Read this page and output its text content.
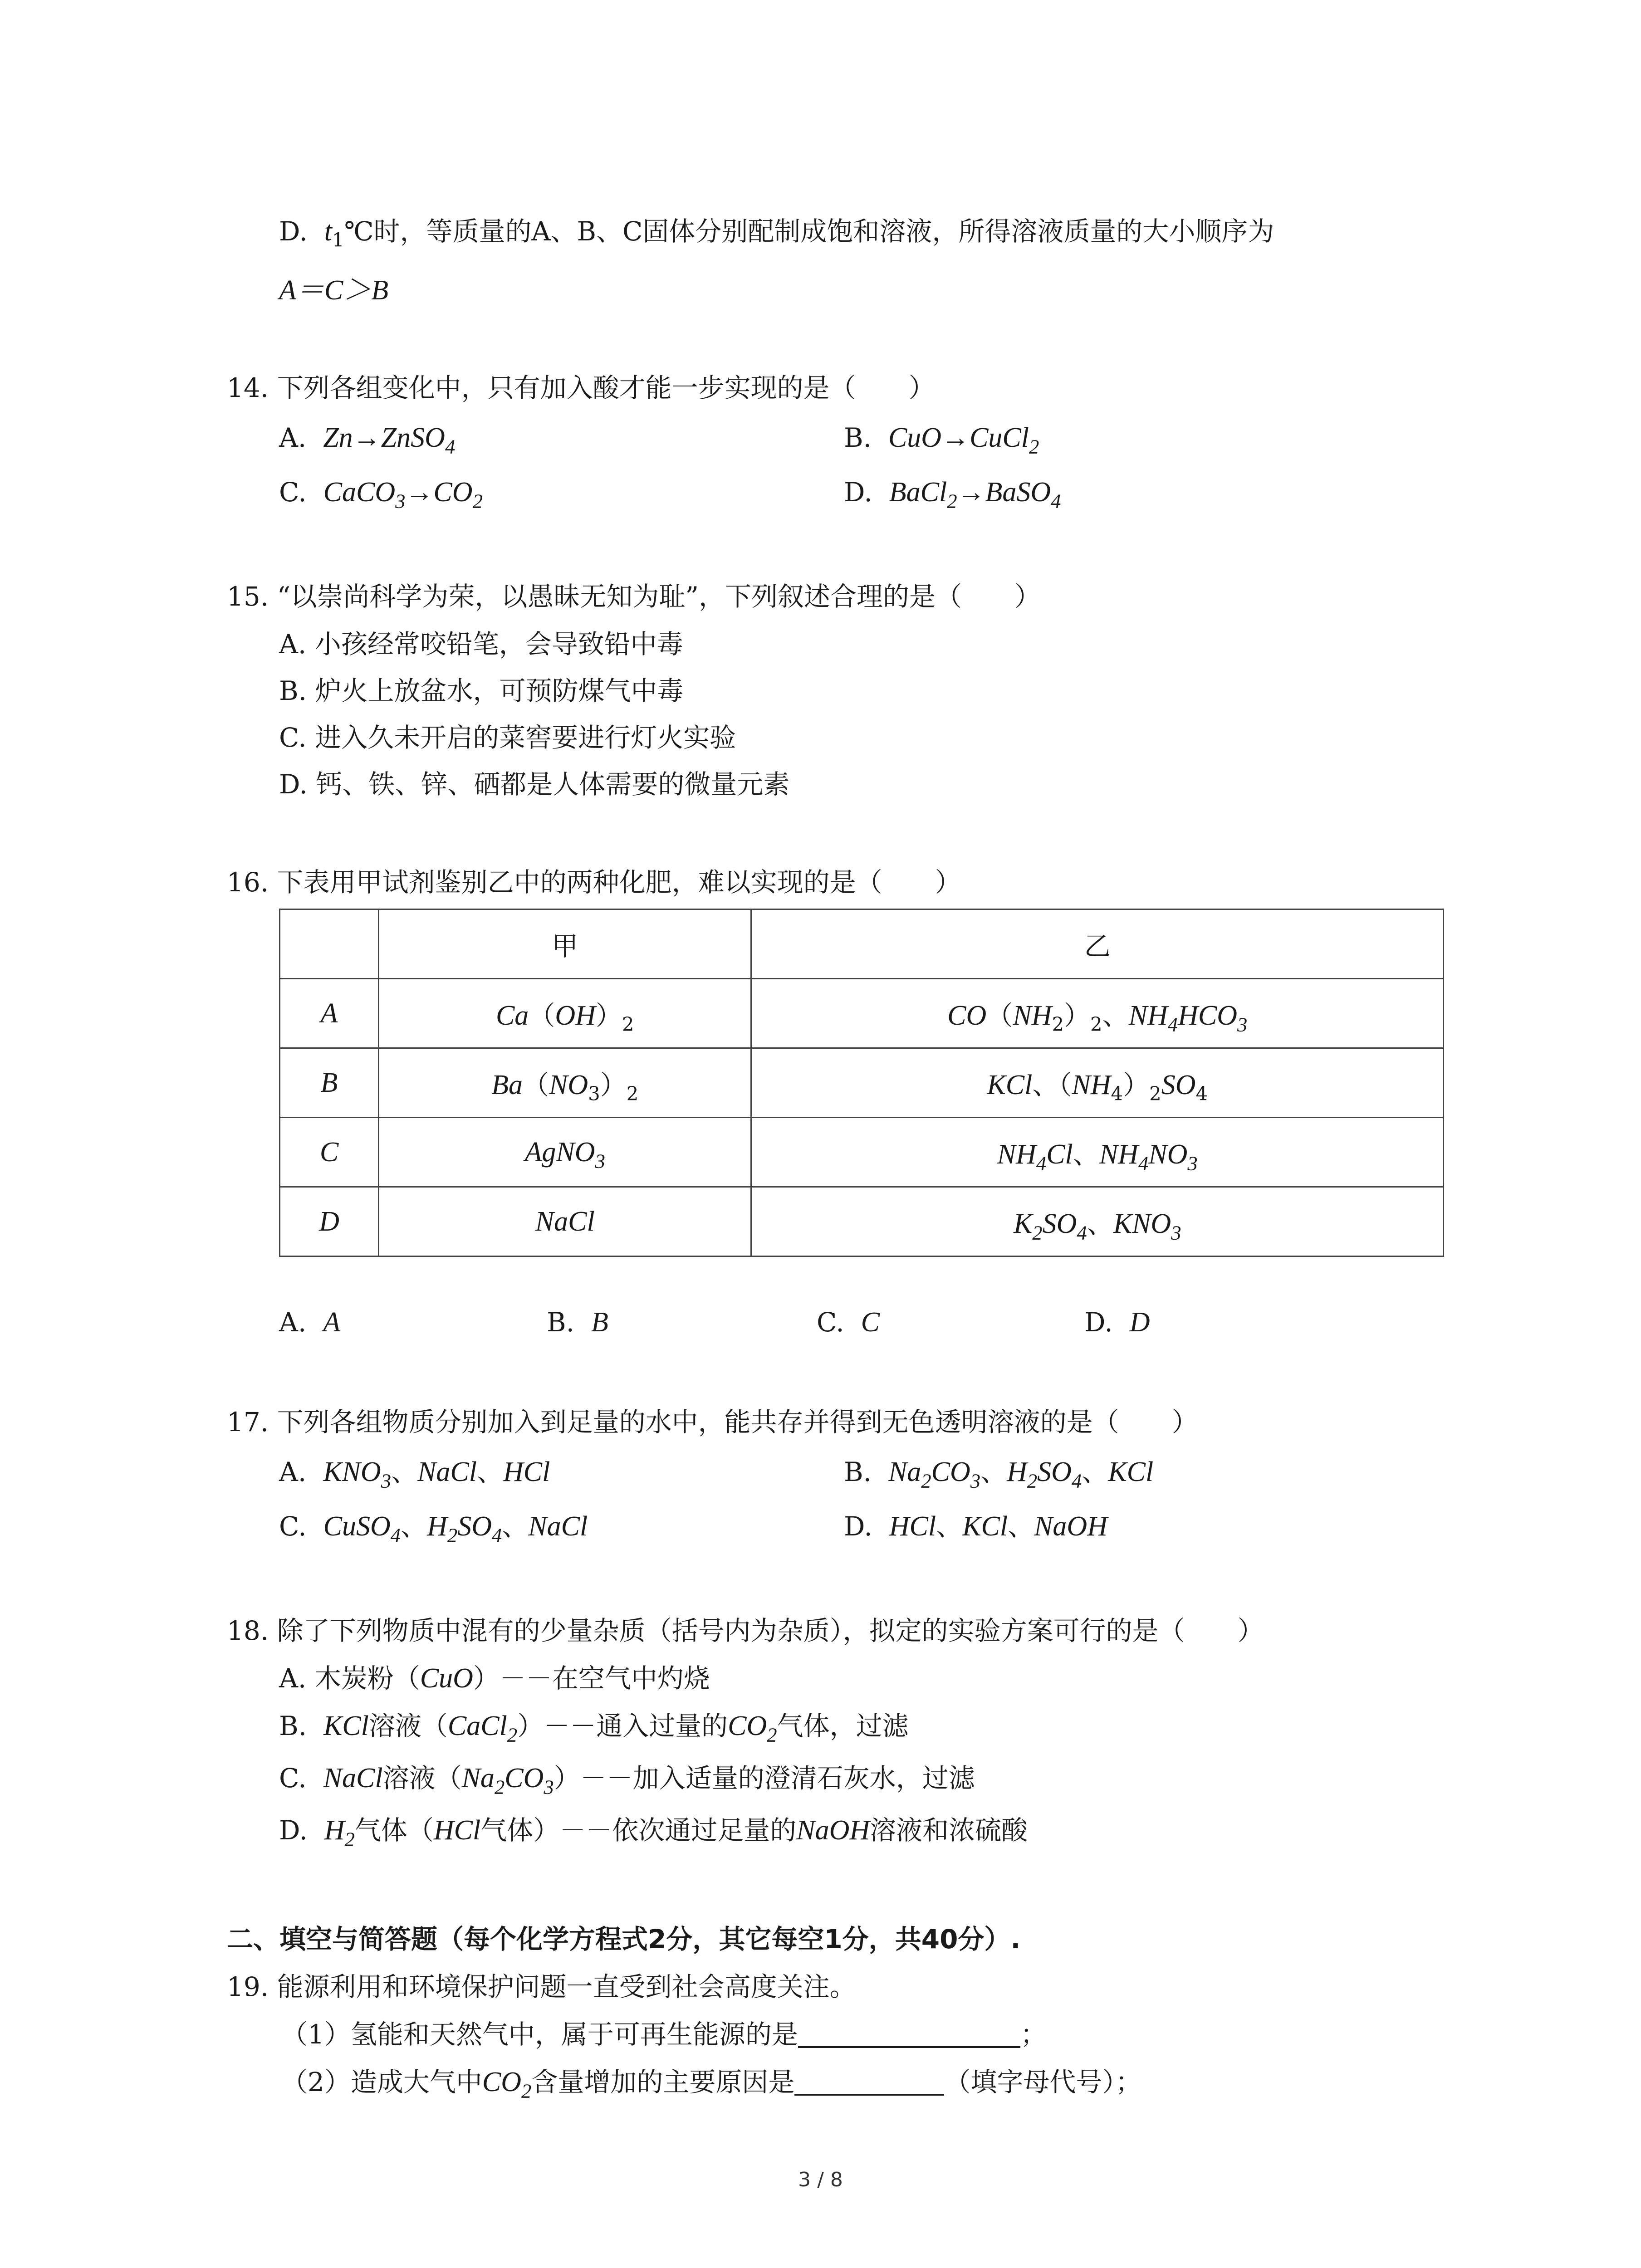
D. $t_1℃$时，等质量的A、B、C固体分别配制成饱和溶液，所得溶液质量的大小顺序为
A＝C＞B
14. 下列各组变化中，只有加入酸才能一步实现的是（　　）
A. Zn→ZnSO$_4$	B. CuO→CuCl$_2$
C. $CaCO_3\to CO_2$	D. BaCl$_2$→BaSO$_4$
15. “以崇尚科学为荣，以愚昧无知为耻”，下列叙述合理的是（　　）
A. 小孩经常咬铅笔，会导致铅中毒
B. 炉火上放盆水，可预防煤气中毒
C. 进入久未开启的菜窖要进行灯火实验
D. 钙、铁、锌、硒都是人体需要的微量元素
16. 下表用甲试剂鉴别乙中的两种化肥，难以实现的是（　　）
	甲	乙
A	$Ca(OH)_2$	$CO(NH_2)_2$、$NH_4HCO_3$
B	$Ba(NO_3)_2$	KCl、$(NH_4)_2SO_4$
C	AgNO$_3$	$NH_4Cl$、$NH_4NO_3$
D	NaCl	$K_2SO_4$、$KNO_3$
A. A	B. B	C. C	D. D
17. 下列各组物质分别加入到足量的水中，能共存并得到无色透明溶液的是（　　）
A. $KNO_3$、NaCl、HCl	B. $Na_2CO_3$、$H_2SO_4$、KCl
C. CuSO$_4$、$H_2SO_4$、NaCl	D. HCl、KCl、NaOH
18. 除了下列物质中混有的少量杂质（括号内为杂质），拟定的实验方案可行的是（　　）
A. 木炭粉（CuO）－－在空气中灼烧
B. KCl溶液（CaCl$_2$）－－通入过量的$CO_2$气体，过滤
C. NaCl溶液$(Na_2CO_3)--$加入适量的澄清石灰水，过滤
D. $H_2$气体（HCl气体）－－依次通过足量的NaOH溶液和浓硫酸
二、填空与简答题（每个化学方程式2分，其它每空1分，共40分）.
19. 能源利用和环境保护问题一直受到社会高度关注。
（1）氢能和天然气中，属于可再生能源的是	；
（2）造成大气中$CO_2$含量增加的主要原因是	（填字母代号）；
3 / 8
